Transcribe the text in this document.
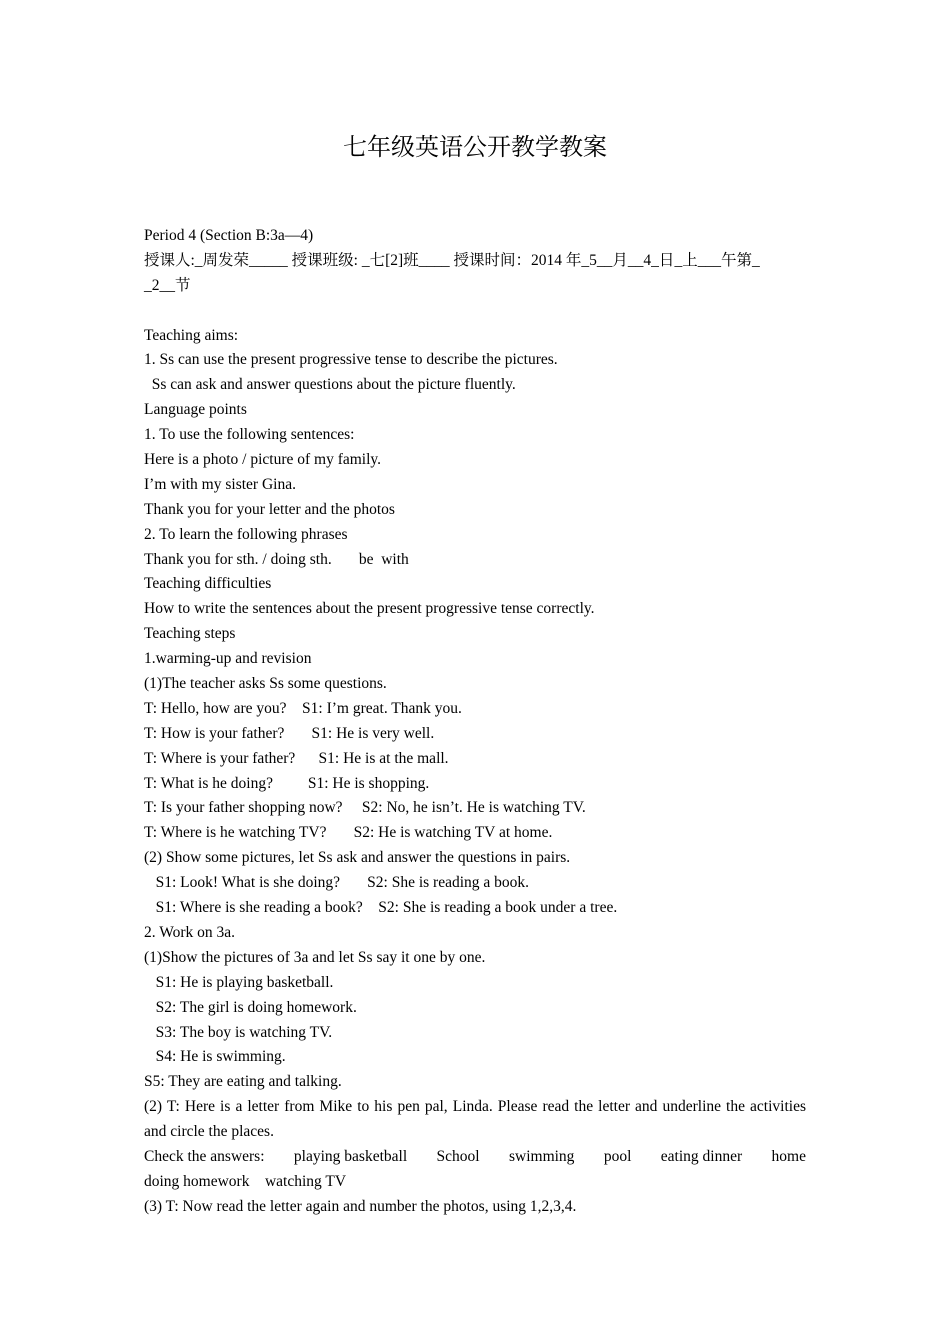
七年级英语公开教学教案
Period 4 (Section B:3a—4)
授课人:_周发荣_____ 授课班级: _七[2]班____ 授课时间：2014 年_5__月__4_日_上___午第_
_2__节
Teaching aims:
1. Ss can use the present progressive tense to describe the pictures.
Ss can ask and answer questions about the picture fluently.
Language points
1. To use the following sentences:
Here is a photo / picture of my family.
I’m with my sister Gina.
Thank you for your letter and the photos
2. To learn the following phrases
Thank you for sth. / doing sth.       be  with
Teaching difficulties
How to write the sentences about the present progressive tense correctly.
Teaching steps
1.warming-up and revision
(1)The teacher asks Ss some questions.
T: Hello, how are you?    S1: I’m great. Thank you.
T: How is your father?       S1: He is very well.
T: Where is your father?      S1: He is at the mall.
T: What is he doing?         S1: He is shopping.
T: Is your father shopping now?     S2: No, he isn’t. He is watching TV.
T: Where is he watching TV?       S2: He is watching TV at home.
(2) Show some pictures, let Ss ask and answer the questions in pairs.
S1: Look! What is she doing?       S2: She is reading a book.
S1: Where is she reading a book?    S2: She is reading a book under a tree.
2. Work on 3a.
(1)Show the pictures of 3a and let Ss say it one by one.
S1: He is playing basketball.
S2: The girl is doing homework.
S3: The boy is watching TV.
S4: He is swimming.
S5: They are eating and talking.
(2) T: Here is a letter from Mike to his pen pal, Linda. Please read the letter and underline the activities and circle the places.
Check the answers: playing basketball School swimming pool eating dinner home
doing homework    watching TV
(3) T: Now read the letter again and number the photos, using 1,2,3,4.
